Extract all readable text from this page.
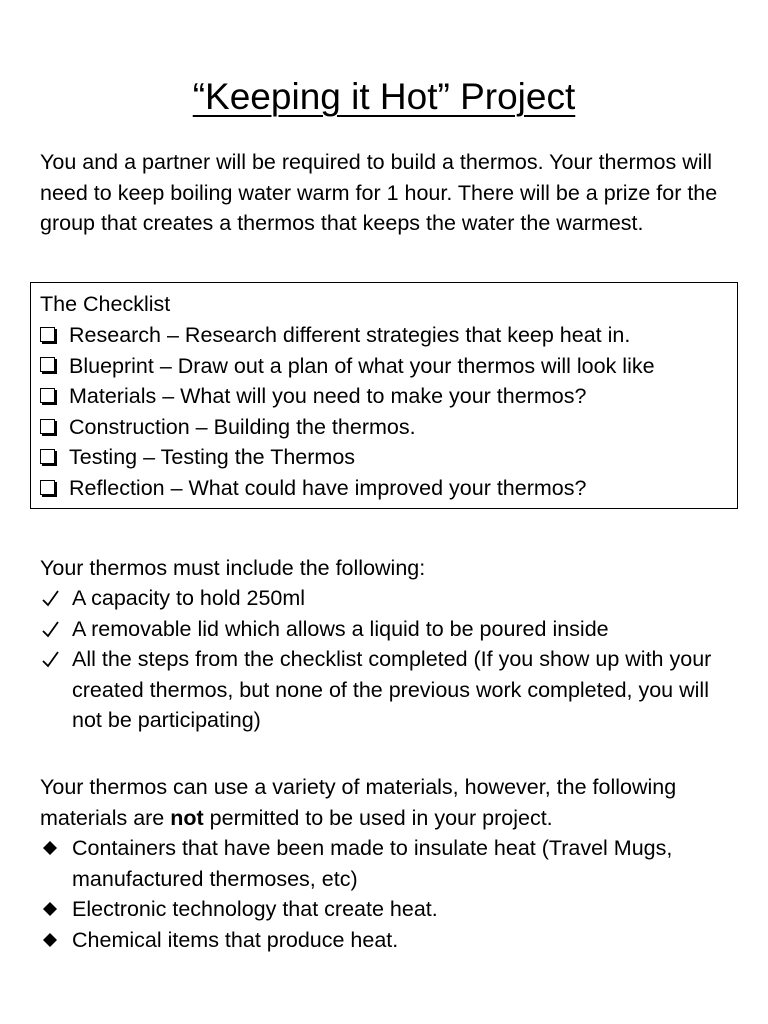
“Keeping it Hot” Project

You and a partner will be required to build a thermos. Your thermos will need to keep boiling water warm for 1 hour. There will be a prize for the group that creates a thermos that keeps the water the warmest.

The Checklist

Research – Research different strategies that keep heat in.
Blueprint – Draw out a plan of what your thermos will look like
Materials – What will you need to make your thermos?
Construction – Building the thermos.
Testing – Testing the Thermos
Reflection – What could have improved your thermos?

Your thermos must include the following:

A capacity to hold 250ml
A removable lid which allows a liquid to be poured inside
All the steps from the checklist completed (If you show up with your created thermos, but none of the previous work completed, you will not be participating)

Your thermos can use a variety of materials, however, the following materials are not permitted to be used in your project.

Containers that have been made to insulate heat (Travel Mugs, manufactured thermoses, etc)
Electronic technology that create heat.
Chemical items that produce heat.
